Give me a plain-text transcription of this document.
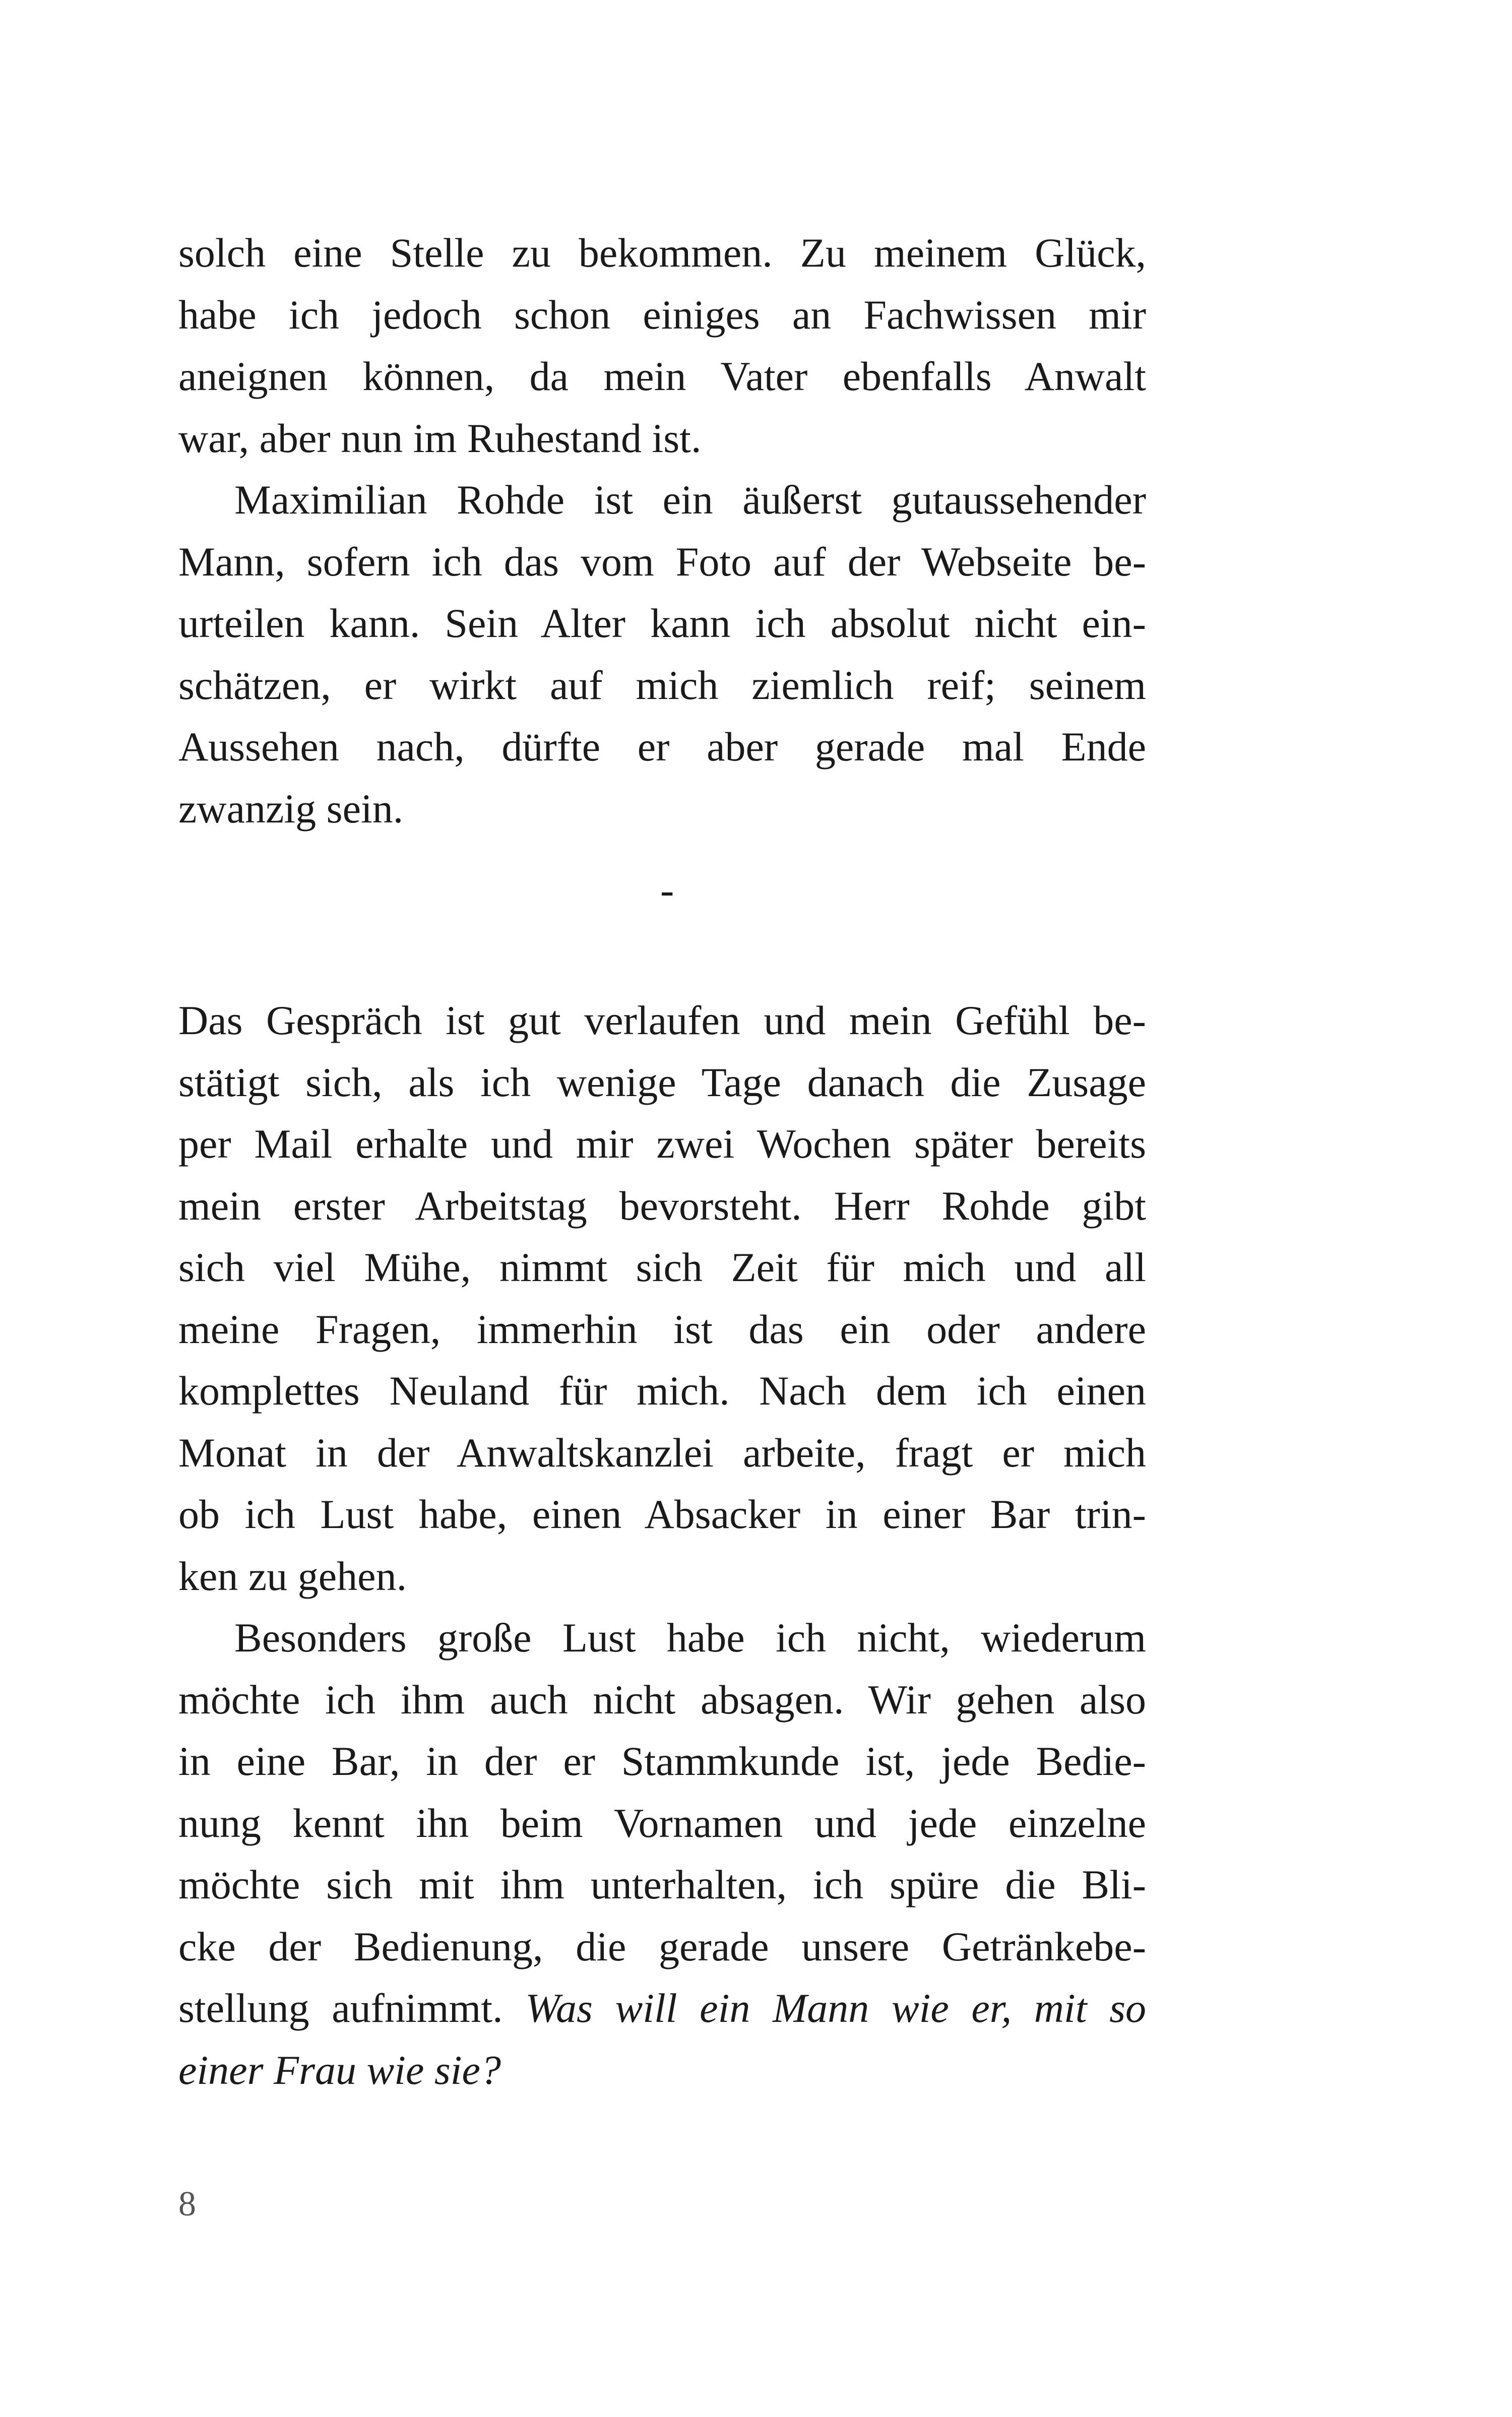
solch eine Stelle zu bekommen. Zu meinem Glück,
habe ich jedoch schon einiges an Fachwissen mir
aneignen können, da mein Vater ebenfalls Anwalt
war, aber nun im Ruhestand ist.

Maximilian Rohde ist ein äußerst gutaussehender
Mann, sofern ich das vom Foto auf der Webseite be-
urteilen kann. Sein Alter kann ich absolut nicht ein-
schätzen, er wirkt auf mich ziemlich reif; seinem
Aussehen nach, dürfte er aber gerade mal Ende
zwanzig sein.

-

Das Gespräch ist gut verlaufen und mein Gefühl be-
stätigt sich, als ich wenige Tage danach die Zusage
per Mail erhalte und mir zwei Wochen später bereits
mein erster Arbeitstag bevorsteht. Herr Rohde gibt
sich viel Mühe, nimmt sich Zeit für mich und all
meine Fragen, immerhin ist das ein oder andere
komplettes Neuland für mich. Nach dem ich einen
Monat in der Anwaltskanzlei arbeite, fragt er mich
ob ich Lust habe, einen Absacker in einer Bar trin-
ken zu gehen.

Besonders große Lust habe ich nicht, wiederum
möchte ich ihm auch nicht absagen. Wir gehen also
in eine Bar, in der er Stammkunde ist, jede Bedie-
nung kennt ihn beim Vornamen und jede einzelne
möchte sich mit ihm unterhalten, ich spüre die Bli-
cke der Bedienung, die gerade unsere Getränkebe-
stellung aufnimmt. Was will ein Mann wie er, mit so
einer Frau wie sie?

8
